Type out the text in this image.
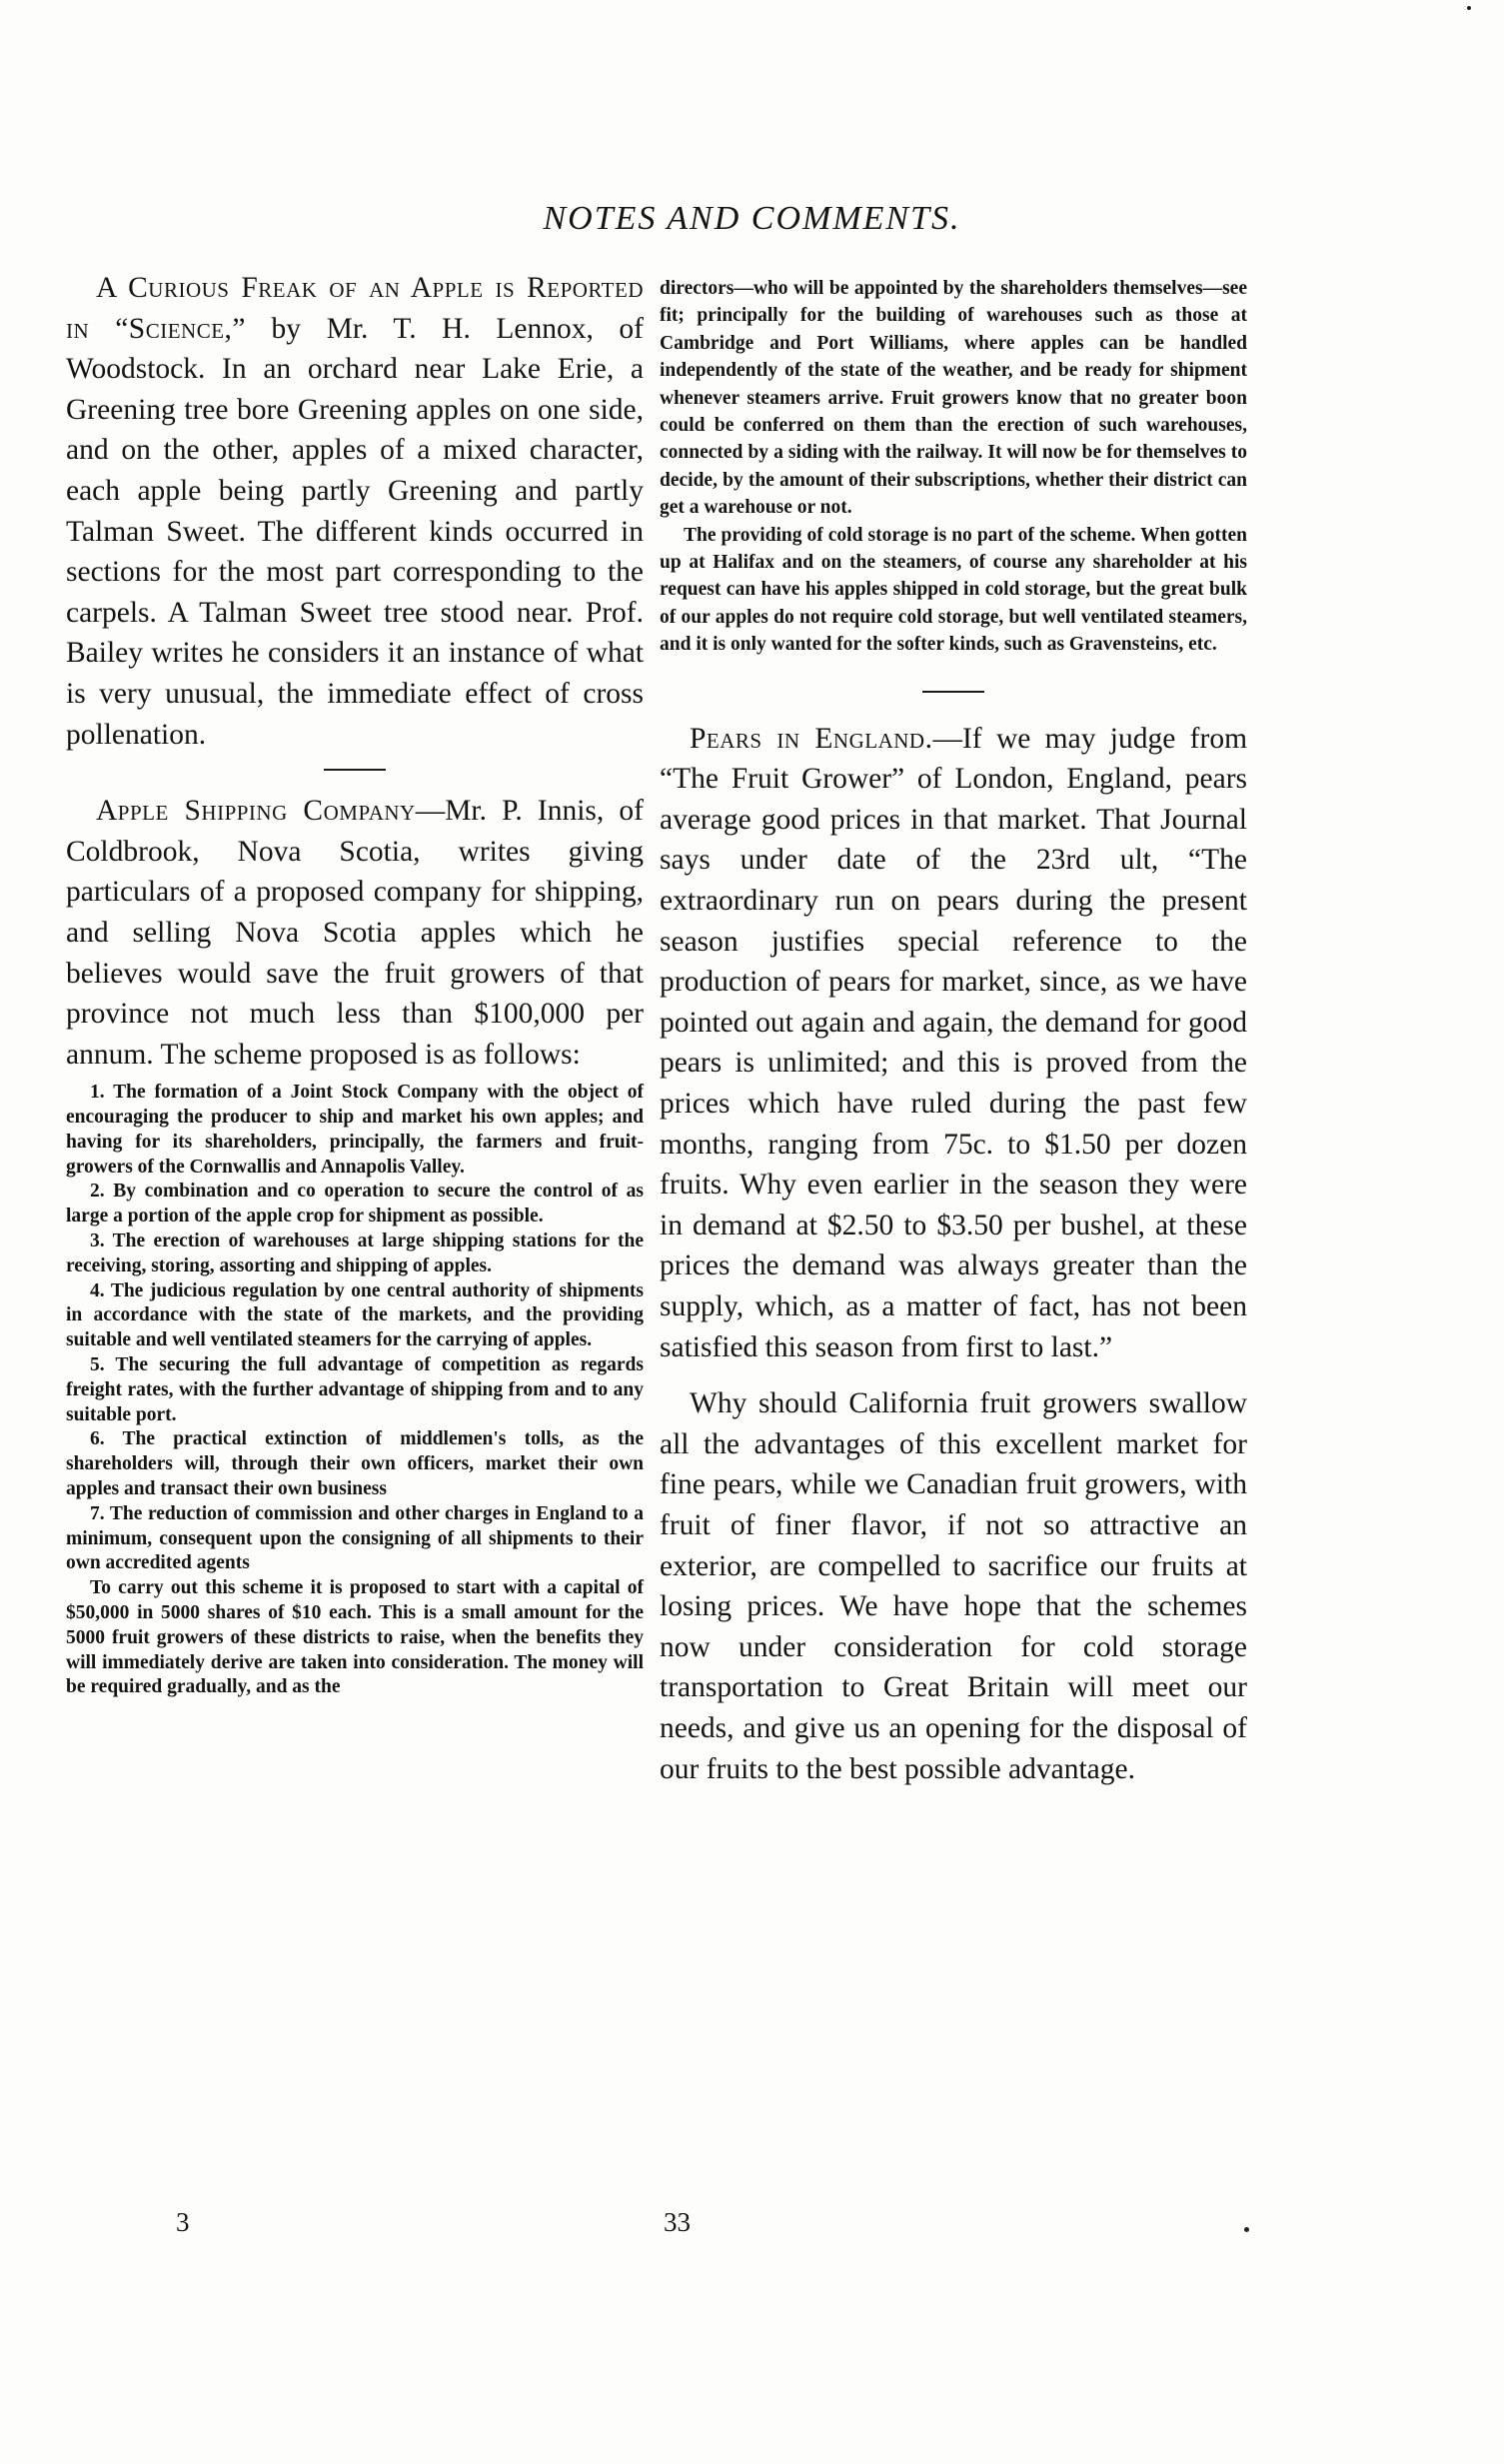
NOTES AND COMMENTS.

A Curious Freak of an Apple is Reported in “Science,” by Mr. T. H. Lennox, of Woodstock. In an orchard near Lake Erie, a Greening tree bore Greening apples on one side, and on the other, apples of a mixed character, each apple being partly Greening and partly Talman Sweet. The different kinds occurred in sections for the most part corresponding to the carpels. A Talman Sweet tree stood near. Prof. Bailey writes he considers it an instance of what is very unusual, the immediate effect of cross pollenation.

Apple Shipping Company—Mr. P. Innis, of Coldbrook, Nova Scotia, writes giving particulars of a proposed company for shipping, and selling Nova Scotia apples which he believes would save the fruit growers of that province not much less than $100,000 per annum. The scheme proposed is as follows:

1. The formation of a Joint Stock Company with the object of encouraging the producer to ship and market his own apples; and having for its shareholders, principally, the farmers and fruit-growers of the Cornwallis and Annapolis Valley.

2. By combination and co operation to secure the control of as large a portion of the apple crop for shipment as possible.

3. The erection of warehouses at large shipping stations for the receiving, storing, assorting and shipping of apples.

4. The judicious regulation by one central authority of shipments in accordance with the state of the markets, and the providing suitable and well ventilated steamers for the carrying of apples.

5. The securing the full advantage of competition as regards freight rates, with the further advantage of shipping from and to any suitable port.

6. The practical extinction of middlemen's tolls, as the shareholders will, through their own officers, market their own apples and transact their own business

7. The reduction of commission and other charges in England to a minimum, consequent upon the consigning of all shipments to their own accredited agents

To carry out this scheme it is proposed to start with a capital of $50,000 in 5000 shares of $10 each. This is a small amount for the 5000 fruit growers of these districts to raise, when the benefits they will immediately derive are taken into consideration. The money will be required gradually, and as the

directors—who will be appointed by the shareholders themselves—see fit; principally for the building of warehouses such as those at Cambridge and Port Williams, where apples can be handled independently of the state of the weather, and be ready for shipment whenever steamers arrive. Fruit growers know that no greater boon could be conferred on them than the erection of such warehouses, connected by a siding with the railway. It will now be for themselves to decide, by the amount of their subscriptions, whether their district can get a warehouse or not.

The providing of cold storage is no part of the scheme. When gotten up at Halifax and on the steamers, of course any shareholder at his request can have his apples shipped in cold storage, but the great bulk of our apples do not require cold storage, but well ventilated steamers, and it is only wanted for the softer kinds, such as Gravensteins, etc.

Pears in England.—If we may judge from “The Fruit Grower” of London, England, pears average good prices in that market. That Journal says under date of the 23rd ult, “The extraordinary run on pears during the present season justifies special reference to the production of pears for market, since, as we have pointed out again and again, the demand for good pears is unlimited; and this is proved from the prices which have ruled during the past few months, ranging from 75c. to $1.50 per dozen fruits. Why even earlier in the season they were in demand at $2.50 to $3.50 per bushel, at these prices the demand was always greater than the supply, which, as a matter of fact, has not been satisfied this season from first to last.”

Why should California fruit growers swallow all the advantages of this excellent market for fine pears, while we Canadian fruit growers, with fruit of finer flavor, if not so attractive an exterior, are compelled to sacrifice our fruits at losing prices. We have hope that the schemes now under consideration for cold storage transportation to Great Britain will meet our needs, and give us an opening for the disposal of our fruits to the best possible advantage.

3	33
